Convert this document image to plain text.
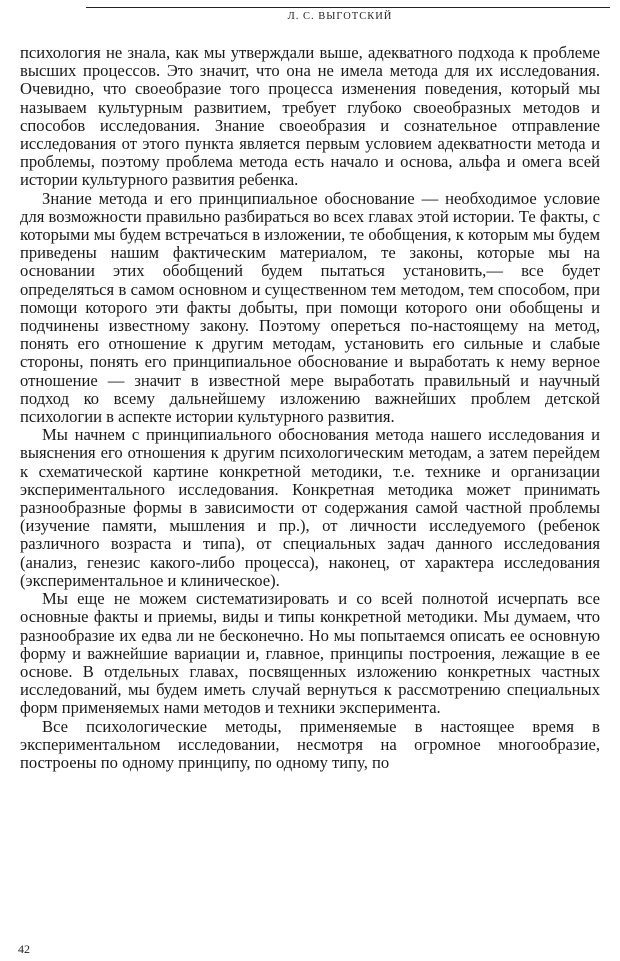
Л. С. ВЫГОТСКИЙ

психология не знала, как мы утверждали выше, адекватного подхода к проблеме высших процессов. Это значит, что она не имела метода для их исследования. Очевидно, что своеобразие того процесса изменения поведения, который мы называем культурным развитием, требует глубоко своеобразных методов и способов исследования. Знание своеобразия и сознательное отправление исследования от этого пункта является первым условием адекватности метода и проблемы, поэтому проблема метода есть начало и основа, альфа и омега всей истории культурного развития ребенка.

Знание метода и его принципиальное обоснование — необходимое условие для возможности правильно разбираться во всех главах этой истории. Те факты, с которыми мы будем встречаться в изложении, те обобщения, к которым мы будем приведены нашим фактическим материалом, те законы, которые мы на основании этих обобщений будем пытаться установить,— все будет определяться в самом основном и существенном тем методом, тем способом, при помощи которого эти факты добыты, при помощи которого они обобщены и подчинены известному закону. Поэтому опереться по-настоящему на метод, понять его отношение к другим методам, установить его сильные и слабые стороны, понять его принципиальное обоснование и выработать к нему верное отношение — значит в известной мере выработать правильный и научный подход ко всему дальнейшему изложению важнейших проблем детской психологии в аспекте истории культурного развития.

Мы начнем с принципиального обоснования метода нашего исследования и выяснения его отношения к другим психологическим методам, а затем перейдем к схематической картине конкретной методики, т.е. технике и организации экспериментального исследования. Конкретная методика может принимать разнообразные формы в зависимости от содержания самой частной проблемы (изучение памяти, мышления и пр.), от личности исследуемого (ребенок различного возраста и типа), от специальных задач данного исследования (анализ, генезис какого-либо процесса), наконец, от характера исследования (экспериментальное и клиническое).

Мы еще не можем систематизировать и со всей полнотой исчерпать все основные факты и приемы, виды и типы конкретной методики. Мы думаем, что разнообразие их едва ли не бесконечно. Но мы попытаемся описать ее основную форму и важнейшие вариации и, главное, принципы построения, лежащие в ее основе. В отдельных главах, посвященных изложению конкретных частных исследований, мы будем иметь случай вернуться к рассмотрению специальных форм применяемых нами методов и техники эксперимента.

Все психологические методы, применяемые в настоящее время в экспериментальном исследовании, несмотря на огромное многообразие, построены по одному принципу, по одному типу, по

42
